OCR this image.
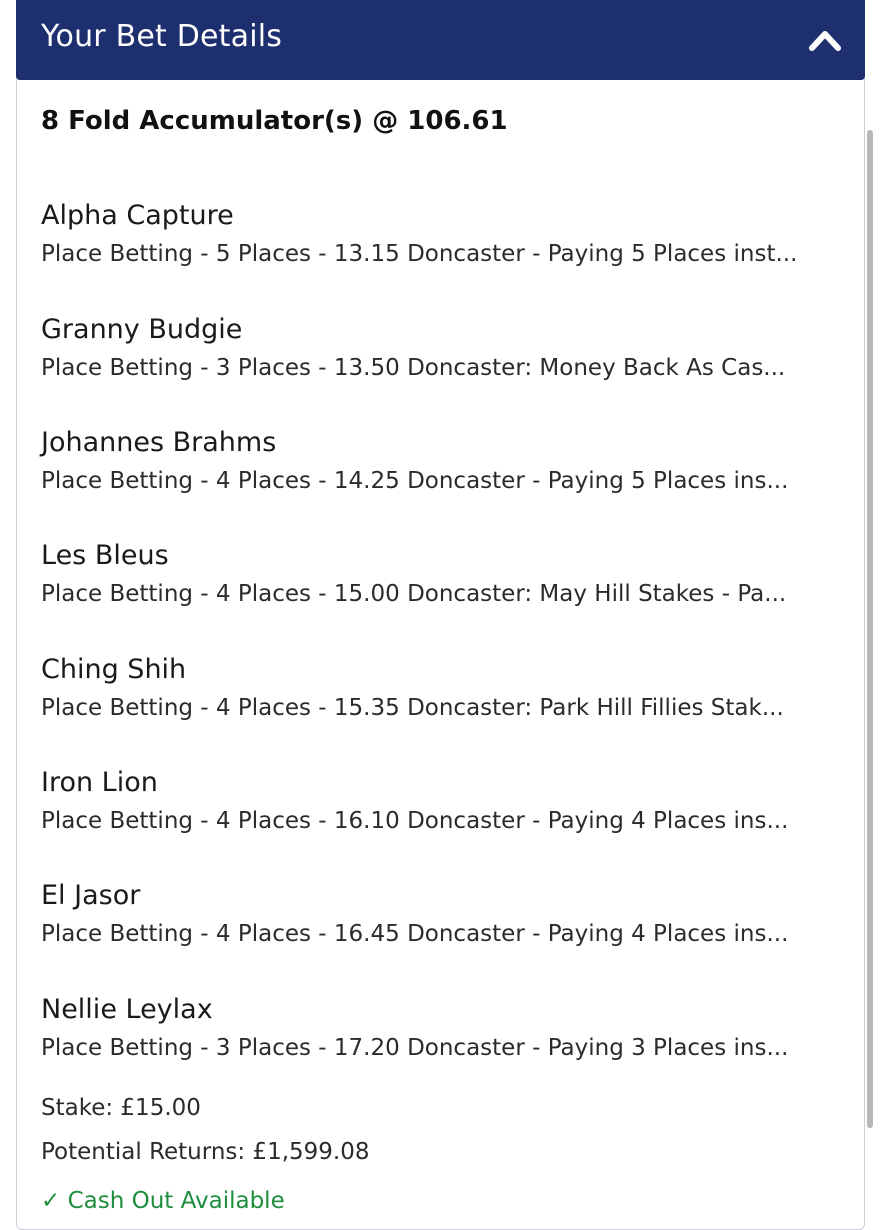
Your Bet Details
8 Fold Accumulator(s) @ 106.61
Alpha Capture
Place Betting - 5 Places - 13.15 Doncaster - Paying 5 Places inst...
Granny Budgie
Place Betting - 3 Places - 13.50 Doncaster: Money Back As Cas...
Johannes Brahms
Place Betting - 4 Places - 14.25 Doncaster - Paying 5 Places ins...
Les Bleus
Place Betting - 4 Places - 15.00 Doncaster: May Hill Stakes - Pa...
Ching Shih
Place Betting - 4 Places - 15.35 Doncaster: Park Hill Fillies Stak...
Iron Lion
Place Betting - 4 Places - 16.10 Doncaster - Paying 4 Places ins...
El Jasor
Place Betting - 4 Places - 16.45 Doncaster - Paying 4 Places ins...
Nellie Leylax
Place Betting - 3 Places - 17.20 Doncaster - Paying 3 Places ins...
Stake: £15.00
Potential Returns: £1,599.08
✓ Cash Out Available
